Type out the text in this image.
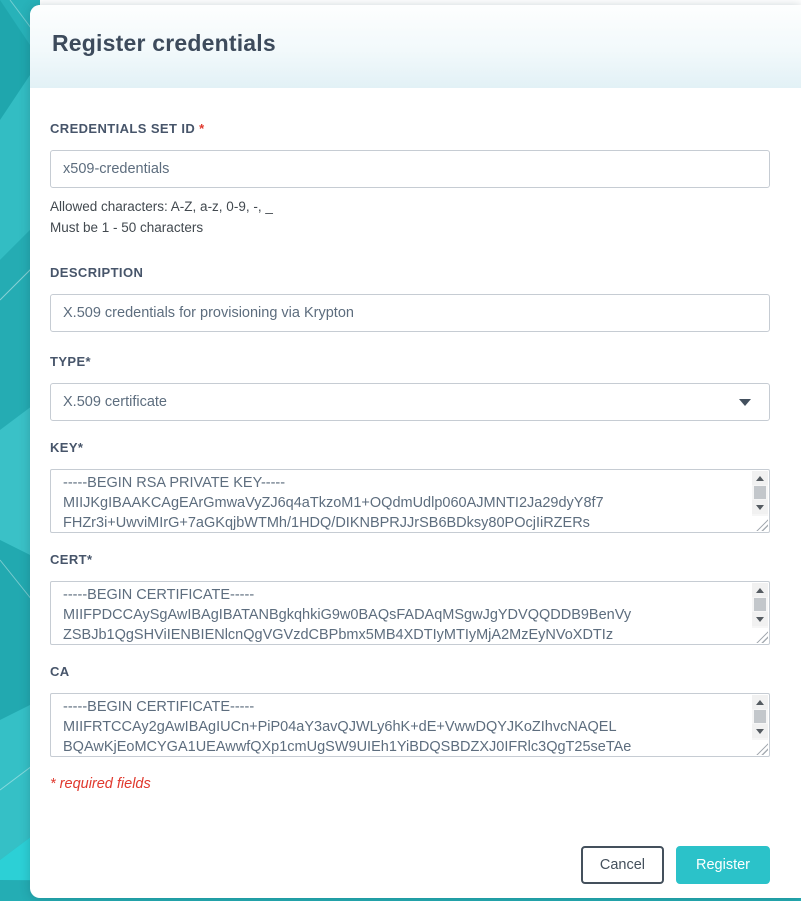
Register credentials
CREDENTIALS SET ID *
x509-credentials
Allowed characters: A-Z, a-z, 0-9, -, _
Must be 1 - 50 characters
DESCRIPTION
X.509 credentials for provisioning via Krypton
TYPE*
X.509 certificate
KEY*
-----BEGIN RSA PRIVATE KEY-----
MIIJKgIBAAKCAgEArGmwaVyZJ6q4aTkzoM1+OQdmUdlp060AJMNTI2Ja29dyY8f7
FHZr3i+UwviMIrG+7aGKqjbWTMh/1HDQ/DIKNBPRJJrSB6BDksy80POcjIiRZERs
CERT*
-----BEGIN CERTIFICATE-----
MIIFPDCCAySgAwIBAgIBATANBgkqhkiG9w0BAQsFADAqMSgwJgYDVQQDDB9BenVy
ZSBJb1QgSHViIENBIENlcnQgVGVzdCBPbmx5MB4XDTIyMTIyMjA2MzEyNVoXDTIz
CA
-----BEGIN CERTIFICATE-----
MIIFRTCCAy2gAwIBAgIUCn+PiP04aY3avQJWLy6hK+dE+VwwDQYJKoZIhvcNAQEL
BQAwKjEoMCYGA1UEAwwfQXp1cmUgSW9UIEh1YiBDQSBDZXJ0IFRlc3QgT25seTAe
* required fields
Cancel	Register
